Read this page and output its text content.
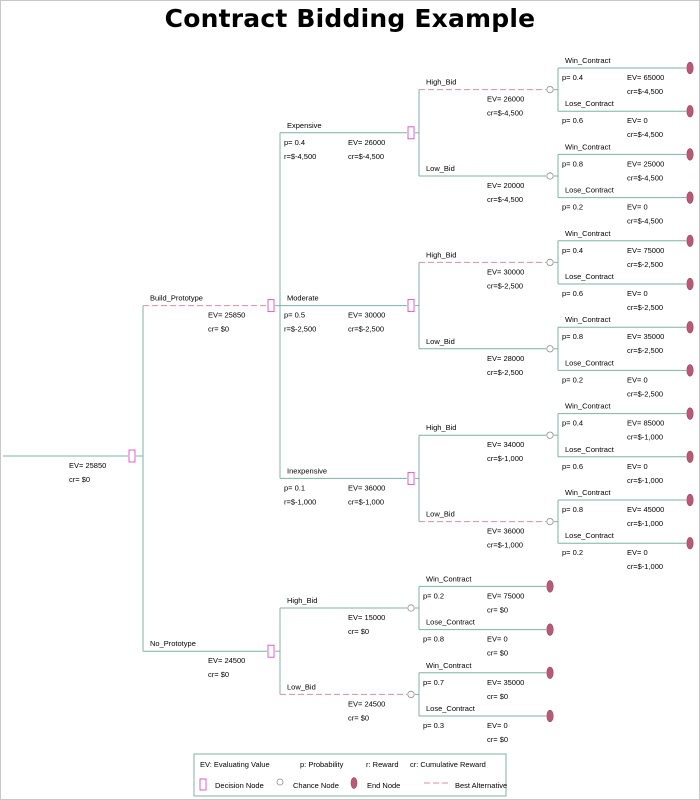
Contract Bidding Example
EV= 25850
cr= $0
Build_Prototype
EV= 25850
cr= $0
Expensive
p= 0.4
r=$-4,500
EV= 26000
cr=$-4,500
High_Bid
EV= 26000
cr=$-4,500
Win_Contract
p= 0.4	EV= 65000
cr=$-4,500
Lose_Contract
p= 0.6	EV= 0
cr=$-4,500
Low_Bid
EV= 20000
cr=$-4,500
Win_Contract
p= 0.8	EV= 25000
cr=$-4,500
Lose_Contract
p= 0.2	EV= 0
cr=$-4,500
Moderate
p= 0.5
r=$-2,500
EV= 30000
cr=$-2,500
High_Bid
EV= 30000
cr=$-2,500
Win_Contract
p= 0.4	EV= 75000
cr=$-2,500
Lose_Contract
p= 0.6	EV= 0
cr=$-2,500
Low_Bid
EV= 28000
cr=$-2,500
Win_Contract
p= 0.8	EV= 35000
cr=$-2,500
Lose_Contract
p= 0.2	EV= 0
cr=$-2,500
Inexpensive
p= 0.1
r=$-1,000
EV= 36000
cr=$-1,000
High_Bid
EV= 34000
cr=$-1,000
Win_Contract
p= 0.4	EV= 85000
cr=$-1,000
Lose_Contract
p= 0.6	EV= 0
cr=$-1,000
Low_Bid
EV= 36000
cr=$-1,000
Win_Contract
p= 0.8	EV= 45000
cr=$-1,000
Lose_Contract
p= 0.2	EV= 0
cr=$-1,000
No_Prototype
EV= 24500
cr= $0
High_Bid
EV= 15000
cr= $0
Win_Contract
p= 0.2	EV= 75000
cr= $0
Lose_Contract
p= 0.8	EV= 0
cr= $0
Low_Bid
EV= 24500
cr= $0
Win_Contract
p= 0.7	EV= 35000
cr= $0
Lose_Contract
p= 0.3	EV= 0
cr= $0
EV: Evaluating Value	p: Probability	r: Reward cr: Cumulative Reward
Decision Node	Chance Node	End Node	Best Alternative
